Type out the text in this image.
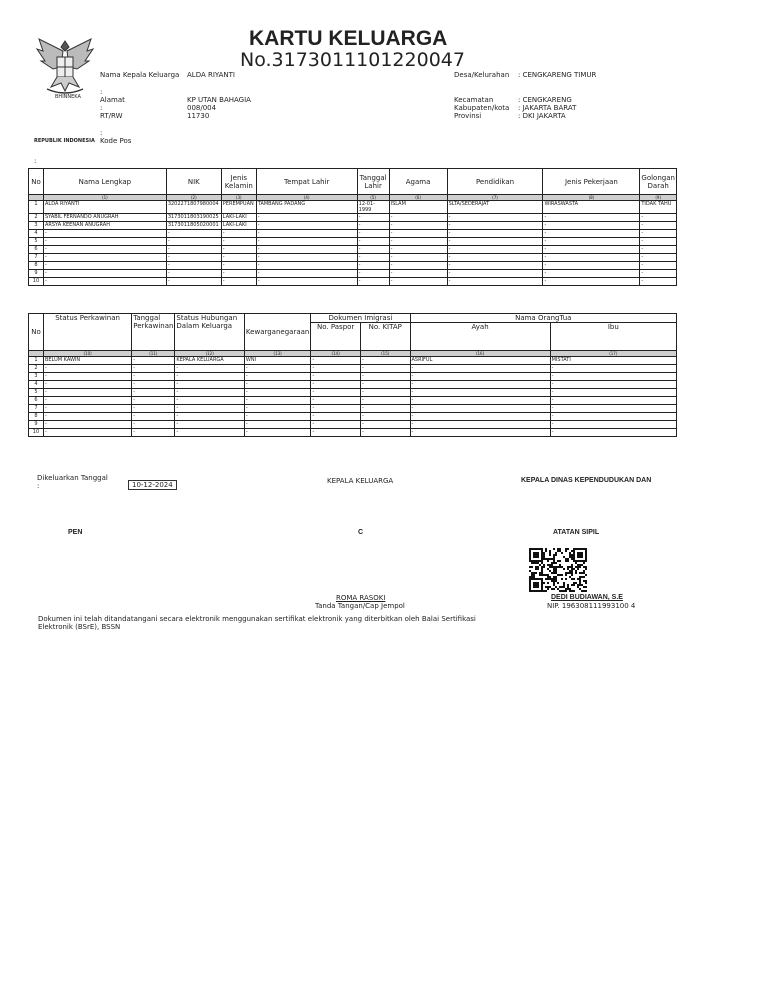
BHINNEKA
REPUBLIK INDONESIA
KARTU KELUARGA
No.3173011101220047
Nama Kepala Keluarga ALDA RIYANTI
:
Alamat	KP UTAN BAHAGIA
:	008/004
RT/RW	11730
:
Kode Pos
:
Desa/Kelurahan : CENGKARENG TIMUR
Kecamatan	: CENGKARENG
Kabupaten/kota : JAKARTA BARAT
Provinsi	: DKI JAKARTA
No	Nama Lengkap	NIK	Jenis Kelamin	Tempat Lahir	Tanggal Lahir	Agama	Pendidikan	Jenis Pekerjaan	Golongan Darah
	(1)	(2)	(3)	(4)	(5)	(6)	(7)	(8)	(9)
1	ALDA RIYANTI	3202271807980004	PEREMPUAN	TAMBANG PADANG	12-01-1999	ISLAM	SLTA/SEDERAJAT	WIRASWASTA	TIDAK TAHU
2	SYABIL FERNANDO ANUGRAH	3173011803190025	LAKI-LAKI	-	-	-	-	-	-
3	ARSYA KEENAN ANUGRAH	3173011805020001	LAKI-LAKI	-	-	-	-	-	-
4	-	-	-	-	-	-	-	-	-
5	-	-	-	-	-	-	-	-	-
6	-	-	-	-	-	-	-	-	-
7	-	-	-	-	-	-	-	-	-
8	-	-	-	-	-	-	-	-	-
9	-	-	-	-	-	-	-	-	-
10	-	-	-	-	-	-	-	-	-
No	Status Perkawinan	Tanggal Perkawinan	Status Hubungan Dalam Keluarga	Kewarganegaraan	Dokumen Imigrasi		Nama OrangTua	
					No. Paspor	No. KITAP	Ayah	Ibu
	(10)	(11)	(12)	(13)	(14)	(15)	(16)	(17)
1	BELUM KAWIN	-	KEPALA KELUARGA	WNI	-	-	ASRIFUL	MISTATI
2	-	-	-	-	-	-	-	-
3	-	-	-	-	-	-	-	-
4	-	-	-	-	-	-	-	-
5	-	-	-	-	-	-	-	-
6	-	-	-	-	-	-	-	-
7	-	-	-	-	-	-	-	-
8	-	-	-	-	-	-	-	-
9	-	-	-	-	-	-	-	-
10	-	-	-	-	-	-	-	-
Dikeluarkan Tanggal
:	10-12-2024	KEPALA KELUARGA	KEPALA DINAS KEPENDUDUKAN DAN
PEN	C	ATATAN SIPIL
ROMA RASOKI
Tanda Tangan/Cap Jempol
DEDI BUDIAWAN, S.E
NIP. 196308111993100 4
Dokumen ini telah ditandatangani secara elektronik menggunakan sertifikat elektronik yang diterbitkan oleh Balai Sertifikasi Elektronik (BSrE), BSSN
